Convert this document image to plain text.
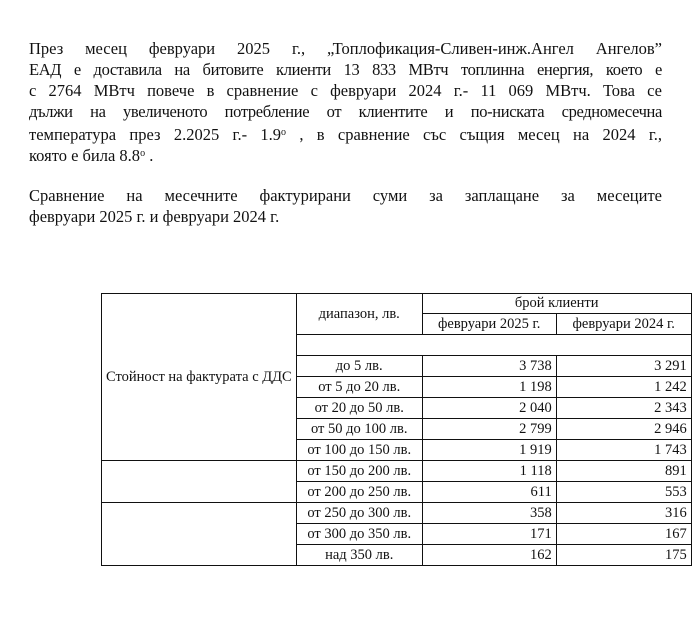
През месец февруари 2025 г., „Топлофикация-Сливен-инж.Ангел Ангелов”
ЕАД е доставила на битовите клиенти 13 833 МВтч топлинна енергия, което е
с 2764 МВтч повече в сравнение с февруари 2024 г.- 11 069 МВтч. Това се
дължи на увеличеното потребление от клиентите и по-ниската средномесечна
температура през 2.2025 г.- 1.9$^o$ , в сравнение със същия месец на 2024 г.,
която е била 8.8$^o$ .
Сравнение на месечните фактурирани суми за заплащане за месеците
февруари 2025 г. и февруари 2024 г.
Стойност на фактурата с ДДС	диапазон, лв.	брой клиенти	
		февруари 2025 г.	февруари 2024 г.

	до 5 лв.	3 738	3 291
	от 5 до 20 лв.	1 198	1 242
	от 20 до 50 лв.	2 040	2 343
	от 50 до 100 лв.	2 799	2 946
	от 100 до 150 лв.	1 919	1 743
	от 150 до 200 лв.	1 118	891
	от 200 до 250 лв.	611	553
	от 250 до 300 лв.	358	316
	от 300 до 350 лв.	171	167
	над 350 лв.	162	175
